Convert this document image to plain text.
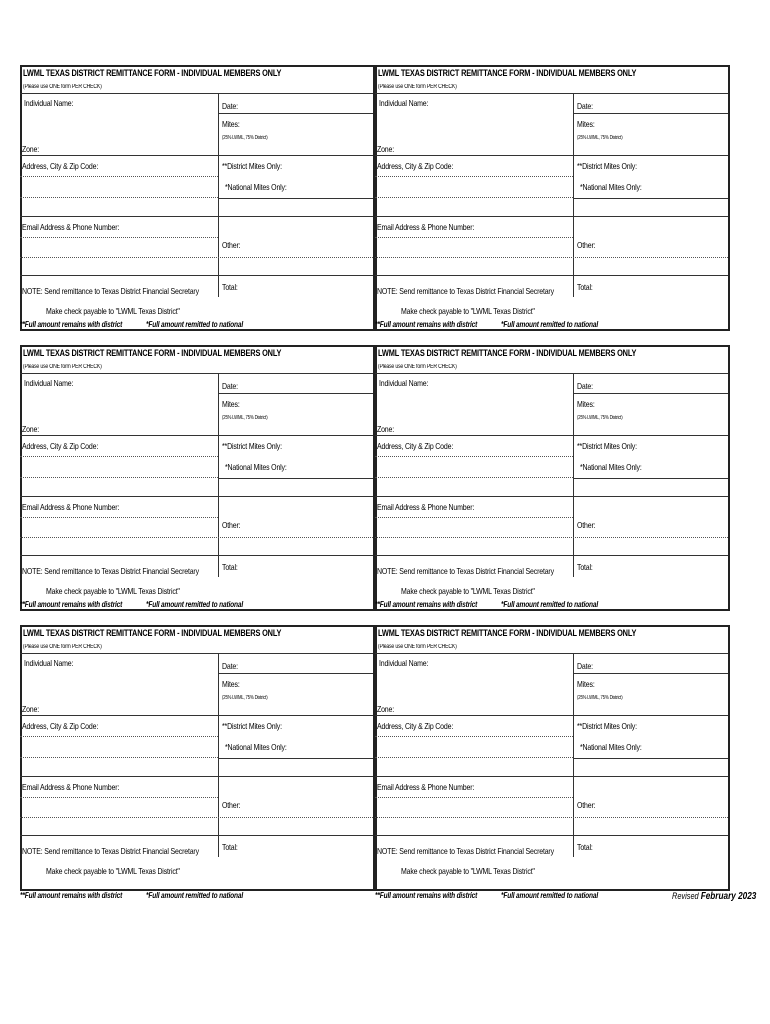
LWML TEXAS DISTRICT REMITTANCE FORM - INDIVIDUAL MEMBERS ONLY
(Please use ONE form PER CHECK)
Individual Name:	Date:
Mites:
(25% LWML, 75% District)
Zone:
Address, City & Zip Code:	**District Mites Only:
*National Mites Only:
Email Address & Phone Number:
Other:
NOTE: Send remittance to Texas District Financial Secretary	Total:
Make check payable to "LWML Texas District"
**Full amount remains with district	*Full amount remitted to national
LWML TEXAS DISTRICT REMITTANCE FORM - INDIVIDUAL MEMBERS ONLY
(Please use ONE form PER CHECK)
Individual Name:	Date:
Mites:
(25% LWML, 75% District)
Zone:
Address, City & Zip Code:	**District Mites Only:
*National Mites Only:
Email Address & Phone Number:
Other:
NOTE: Send remittance to Texas District Financial Secretary	Total:
Make check payable to "LWML Texas District"
**Full amount remains with district	*Full amount remitted to national
LWML TEXAS DISTRICT REMITTANCE FORM - INDIVIDUAL MEMBERS ONLY
(Please use ONE form PER CHECK)
Individual Name:	Date:
Mites:
(25% LWML, 75% District)
Zone:
Address, City & Zip Code:	**District Mites Only:
*National Mites Only:
Email Address & Phone Number:
Other:
NOTE: Send remittance to Texas District Financial Secretary	Total:
Make check payable to "LWML Texas District"
**Full amount remains with district	*Full amount remitted to national
LWML TEXAS DISTRICT REMITTANCE FORM - INDIVIDUAL MEMBERS ONLY
(Please use ONE form PER CHECK)
Individual Name:	Date:
Mites:
(25% LWML, 75% District)
Zone:
Address, City & Zip Code:	**District Mites Only:
*National Mites Only:
Email Address & Phone Number:
Other:
NOTE: Send remittance to Texas District Financial Secretary	Total:
Make check payable to "LWML Texas District"
**Full amount remains with district	*Full amount remitted to national
LWML TEXAS DISTRICT REMITTANCE FORM - INDIVIDUAL MEMBERS ONLY
(Please use ONE form PER CHECK)
Individual Name:	Date:
Mites:
(25% LWML, 75% District)
Zone:
Address, City & Zip Code:	**District Mites Only:
*National Mites Only:
Email Address & Phone Number:
Other:
NOTE: Send remittance to Texas District Financial Secretary	Total:
Make check payable to "LWML Texas District"
**Full amount remains with district	*Full amount remitted to national
LWML TEXAS DISTRICT REMITTANCE FORM - INDIVIDUAL MEMBERS ONLY
(Please use ONE form PER CHECK)
Individual Name:	Date:
Mites:
(25% LWML, 75% District)
Zone:
Address, City & Zip Code:	**District Mites Only:
*National Mites Only:
Email Address & Phone Number:
Other:
NOTE: Send remittance to Texas District Financial Secretary	Total:
Make check payable to "LWML Texas District"
**Full amount remains with district	*Full amount remitted to national	Revised February 2023
